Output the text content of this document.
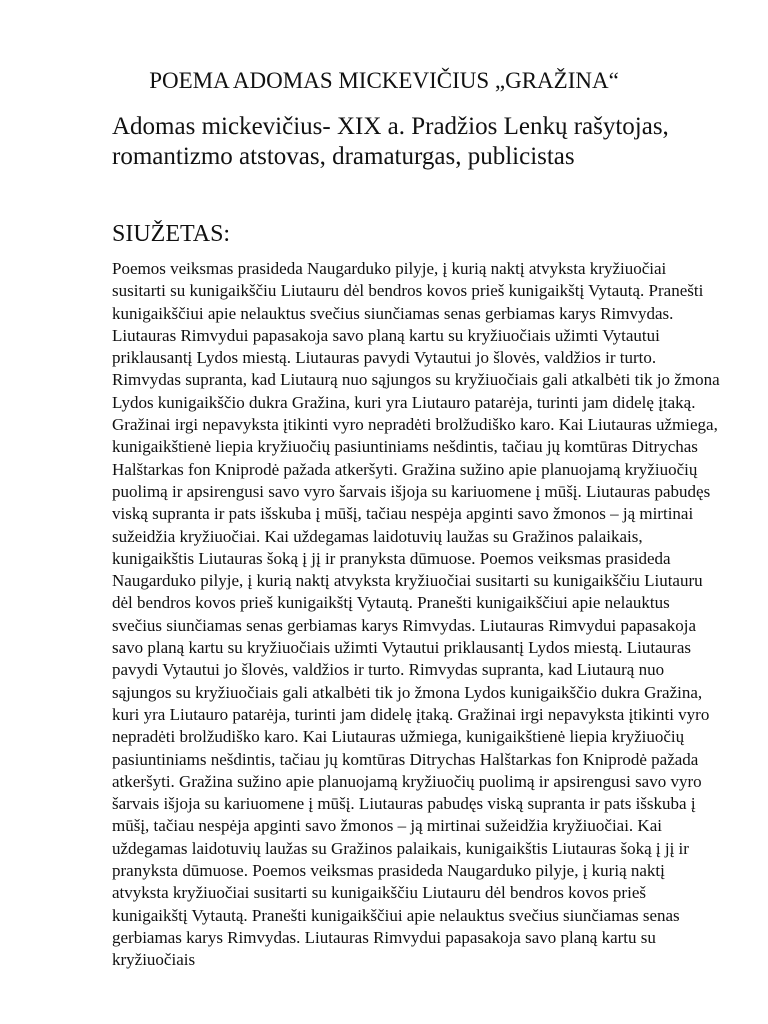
POEMA ADOMAS MICKEVIČIUS „GRAŽINA“
Adomas mickevičius- XIX a. Pradžios Lenkų rašytojas, romantizmo atstovas, dramaturgas, publicistas
SIUŽETAS:
Poemos veiksmas prasideda Naugarduko pilyje, į kurią naktį atvyksta kryžiuočiai susitarti su kunigaikščiu Liutauru dėl bendros kovos prieš kunigaikštį Vytautą. Pranešti kunigaikščiui apie nelauktus svečius siunčiamas senas gerbiamas karys Rimvydas. Liutauras Rimvydui papasakoja savo planą kartu su kryžiuočiais užimti Vytautui priklausantį Lydos miestą. Liutauras pavydi Vytautui jo šlovės, valdžios ir turto. Rimvydas supranta, kad Liutaurą nuo sąjungos su kryžiuočiais gali atkalbėti tik jo žmona Lydos kunigaikščio dukra Gražina, kuri yra Liutauro patarėja, turinti jam didelę įtaką. Gražinai irgi nepavyksta įtikinti vyro nepradėti brolžudiško karo. Kai Liutauras užmiega, kunigaikštienė liepia kryžiuočių pasiuntiniams nešdintis, tačiau jų komtūras Ditrychas Halštarkas fon Kniprodė pažada atkeršyti. Gražina sužino apie planuojamą kryžiuočių puolimą ir apsirengusi savo vyro šarvais išjoja su kariuomene į mūšį. Liutauras pabudęs viską supranta ir pats išskuba į mūšį, tačiau nespėja apginti savo žmonos – ją mirtinai sužeidžia kryžiuočiai. Kai uždegamas laidotuvių laužas su Gražinos palaikais, kunigaikštis Liutauras šoką į jį ir pranyksta dūmuose. Poemos veiksmas prasideda Naugarduko pilyje, į kurią naktį atvyksta kryžiuočiai susitarti su kunigaikščiu Liutauru dėl bendros kovos prieš kunigaikštį Vytautą. Pranešti kunigaikščiui apie nelauktus svečius siunčiamas senas gerbiamas karys Rimvydas. Liutauras Rimvydui papasakoja savo planą kartu su kryžiuočiais užimti Vytautui priklausantį Lydos miestą. Liutauras pavydi Vytautui jo šlovės, valdžios ir turto. Rimvydas supranta, kad Liutaurą nuo sąjungos su kryžiuočiais gali atkalbėti tik jo žmona Lydos kunigaikščio dukra Gražina, kuri yra Liutauro patarėja, turinti jam didelę įtaką. Gražinai irgi nepavyksta įtikinti vyro nepradėti brolžudiško karo. Kai Liutauras užmiega, kunigaikštienė liepia kryžiuočių pasiuntiniams nešdintis, tačiau jų komtūras Ditrychas Halštarkas fon Kniprodė pažada atkeršyti. Gražina sužino apie planuojamą kryžiuočių puolimą ir apsirengusi savo vyro šarvais išjoja su kariuomene į mūšį. Liutauras pabudęs viską supranta ir pats išskuba į mūšį, tačiau nespėja apginti savo žmonos – ją mirtinai sužeidžia kryžiuočiai. Kai uždegamas laidotuvių laužas su Gražinos palaikais, kunigaikštis Liutauras šoką į jį ir pranyksta dūmuose. Poemos veiksmas prasideda Naugarduko pilyje, į kurią naktį atvyksta kryžiuočiai susitarti su kunigaikščiu Liutauru dėl bendros kovos prieš kunigaikštį Vytautą. Pranešti kunigaikščiui apie nelauktus svečius siunčiamas senas gerbiamas karys Rimvydas. Liutauras Rimvydui papasakoja savo planą kartu su kryžiuočiais
